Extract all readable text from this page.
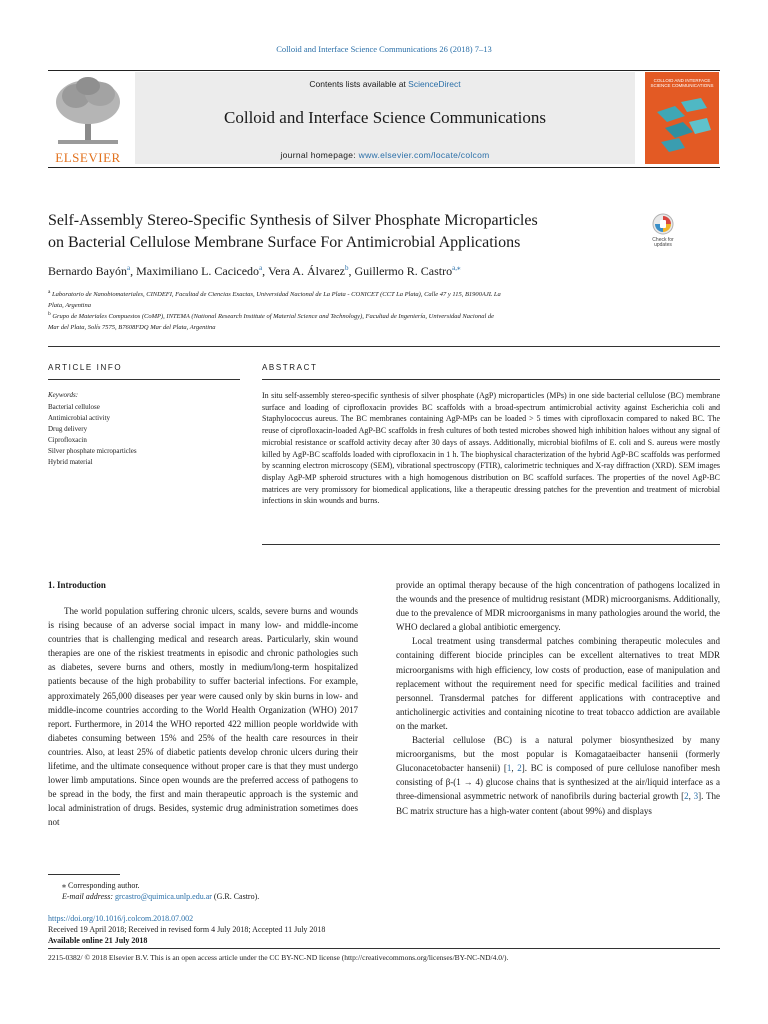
Colloid and Interface Science Communications 26 (2018) 7–13
ELSEVIER
Contents lists available at ScienceDirect
Colloid and Interface Science Communications
journal homepage: www.elsevier.com/locate/colcom
COLLOID AND INTERFACE SCIENCE COMMUNICATIONS
Self-Assembly Stereo-Specific Synthesis of Silver Phosphate Microparticles
on Bacterial Cellulose Membrane Surface For Antimicrobial Applications	Check for updates
Bernardo Bayón$^a$, Maximiliano L. Cacicedo$^a$, Vera A. Álvarez$^b$, Guillermo R. Castro$^{a,⁎}$
$^a$ Laboratorio de Nanobiomateriales, CINDEFI, Facultad de Ciencias Exactas, Universidad Nacional de La Plata - CONICET (CCT La Plata), Calle 47 y 115, B1900AJL La
Plata, Argentina
$^b$ Grupo de Materiales Compuestos (CoMP), INTEMA (National Research Institute of Material Science and Technology), Facultad de Ingeniería, Universidad Nacional de
Mar del Plata, Solís 7575, B7608FDQ Mar del Plata, Argentina
ARTICLE INFO	ABSTRACT
Keywords:
Bacterial cellulose
Antimicrobial activity
Drug delivery
Ciprofloxacin
Silver phosphate microparticles
Hybrid material
In situ self-assembly stereo-specific synthesis of silver phosphate (AgP) microparticles (MPs) in one side bacterial cellulose (BC) membrane surface and loading of ciprofloxacin provides BC scaffolds with a broad-spectrum antimicrobial activity against Escherichia coli and Staphylococcus aureus. The BC membranes containing AgP-MPs can be loaded > 5 times with ciprofloxacin compared to naked BC. The reuse of ciprofloxacin-loaded AgP-BC scaffolds in fresh cultures of both tested microbes showed high inhibition haloes without any signal of microbial resistance or scaffold activity decay after 30 days of assays. Additionally, microbial biofilms of E. coli and S. aureus were mostly killed by AgP-BC scaffolds loaded with ciprofloxacin in 1 h. The biophysical characterization of the hybrid AgP-BC scaffolds was performed by scanning electron microscopy (SEM), vibrational spectroscopy (FTIR), calorimetric techniques and X-ray diffraction (XRD). SEM images display AgP-MP spheroid structures with a high homogenous distribution on BC scaffold surfaces. The properties of the novel AgP-BC matrices are very promissory for biomedical applications, like a therapeutic dressing patches for the prevention and treatment of microbial infections in skin wounds and burns.
1. Introduction

The world population suffering chronic ulcers, scalds, severe burns and wounds is rising because of an adverse social impact in many low- and middle-income countries that is challenging medical and research areas. Particularly, skin wound therapies are one of the riskiest treatments in episodic and chronic pathologies such as diabetes, severe burns and others, mostly in medium/long-term hospitalized patients because of the high probability to suffer bacterial infections. For example, approximately 265,000 diseases per year were caused only by skin burns in low- and middle-income countries according to the World Health Organization (WHO) 2017 report. Furthermore, in 2014 the WHO reported 422 million people worldwide with diabetes consuming between 15% and 25% of the health care resources in their countries. Also, at least 25% of diabetic patients develop chronic ulcers during their lifetime, and the ultimate consequence without proper care is that they must undergo lower limb amputations. Since open wounds are the preferred access of pathogens to be spread in the body, the first and main therapeutic approach is the systemic and local administration of drugs. Besides, systemic drug administration sometimes does not

provide an optimal therapy because of the high concentration of pathogens localized in the wounds and the presence of multidrug resistant (MDR) microorganisms. Additionally, due to the prevalence of MDR microorganisms in many pathologies around the world, the WHO declared a global antibiotic emergency.

Local treatment using transdermal patches combining therapeutic molecules and containing different biocide principles can be excellent alternatives to treat MDR microorganisms with high efficiency, low costs of production, ease of manipulation and replacement without the requirement need for specific medical facilities and trained personnel. Transdermal patches for different applications with contraceptive and anticholinergic activities and containing nicotine to treat tobacco addiction are available on the market.

Bacterial cellulose (BC) is a natural polymer biosynthesized by many microorganisms, but the most popular is Komagataeibacter hansenii (formerly Gluconacetobacter hansenii) [1, 2]. BC is composed of pure cellulose nanofiber mesh consisting of β-(1 → 4) glucose chains that is synthesized at the air/liquid interface as a three-dimensional asymmetric network of nanofibrils during bacterial growth [2, 3]. The BC matrix structure has a high-water content (about 99%) and displays

⁎ Corresponding author.
E-mail address: grcastro@quimica.unlp.edu.ar (G.R. Castro).
https://doi.org/10.1016/j.colcom.2018.07.002
Received 19 April 2018; Received in revised form 4 July 2018; Accepted 11 July 2018
Available online 21 July 2018
2215-0382/ © 2018 Elsevier B.V. This is an open access article under the CC BY-NC-ND license (http://creativecommons.org/licenses/BY-NC-ND/4.0/).
